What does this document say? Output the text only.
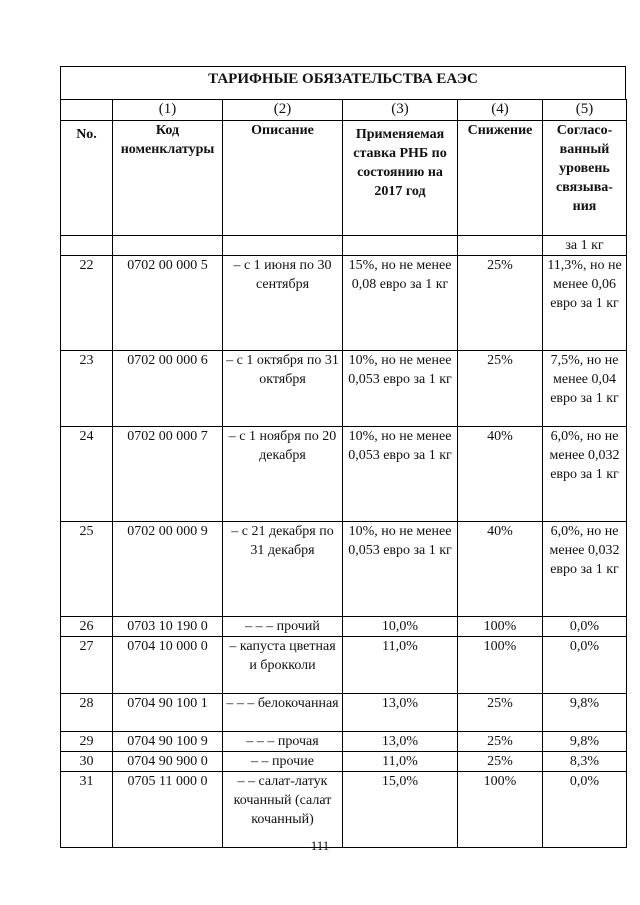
ТАРИФНЫЕ ОБЯЗАТЕЛЬСТВА ЕАЭС
	(1)	(2)	(3)	(4)	(5)
No.	Код номенклатуры	Описание	Применяемая ставка РНБ по состоянию на 2017 год	Снижение	Согласо-ванный уровень связыва-ния
					за 1 кг
22	0702 00 000 5	– с 1 июня по 30 сентября	15%, но не менее 0,08 евро за 1 кг	25%	11,3%, но не менее 0,06 евро за 1 кг
23	0702 00 000 6	– с 1 октября по 31 октября	10%, но не менее 0,053 евро за 1 кг	25%	7,5%, но не менее 0,04 евро за 1 кг
24	0702 00 000 7	– с 1 ноября по 20 декабря	10%, но не менее 0,053 евро за 1 кг	40%	6,0%, но не менее 0,032 евро за 1 кг
25	0702 00 000 9	– с 21 декабря по 31 декабря	10%, но не менее 0,053 евро за 1 кг	40%	6,0%, но не менее 0,032 евро за 1 кг
26	0703 10 190 0	– – – прочий	10,0%	100%	0,0%
27	0704 10 000 0	– капуста цветная и брокколи	11,0%	100%	0,0%
28	0704 90 100 1	– – – белокочанная	13,0%	25%	9,8%
29	0704 90 100 9	– – – прочая	13,0%	25%	9,8%
30	0704 90 900 0	– – прочие	11,0%	25%	8,3%
31	0705 11 000 0	– – салат-латук кочанный (салат кочанный)	15,0%	100%	0,0%
111
